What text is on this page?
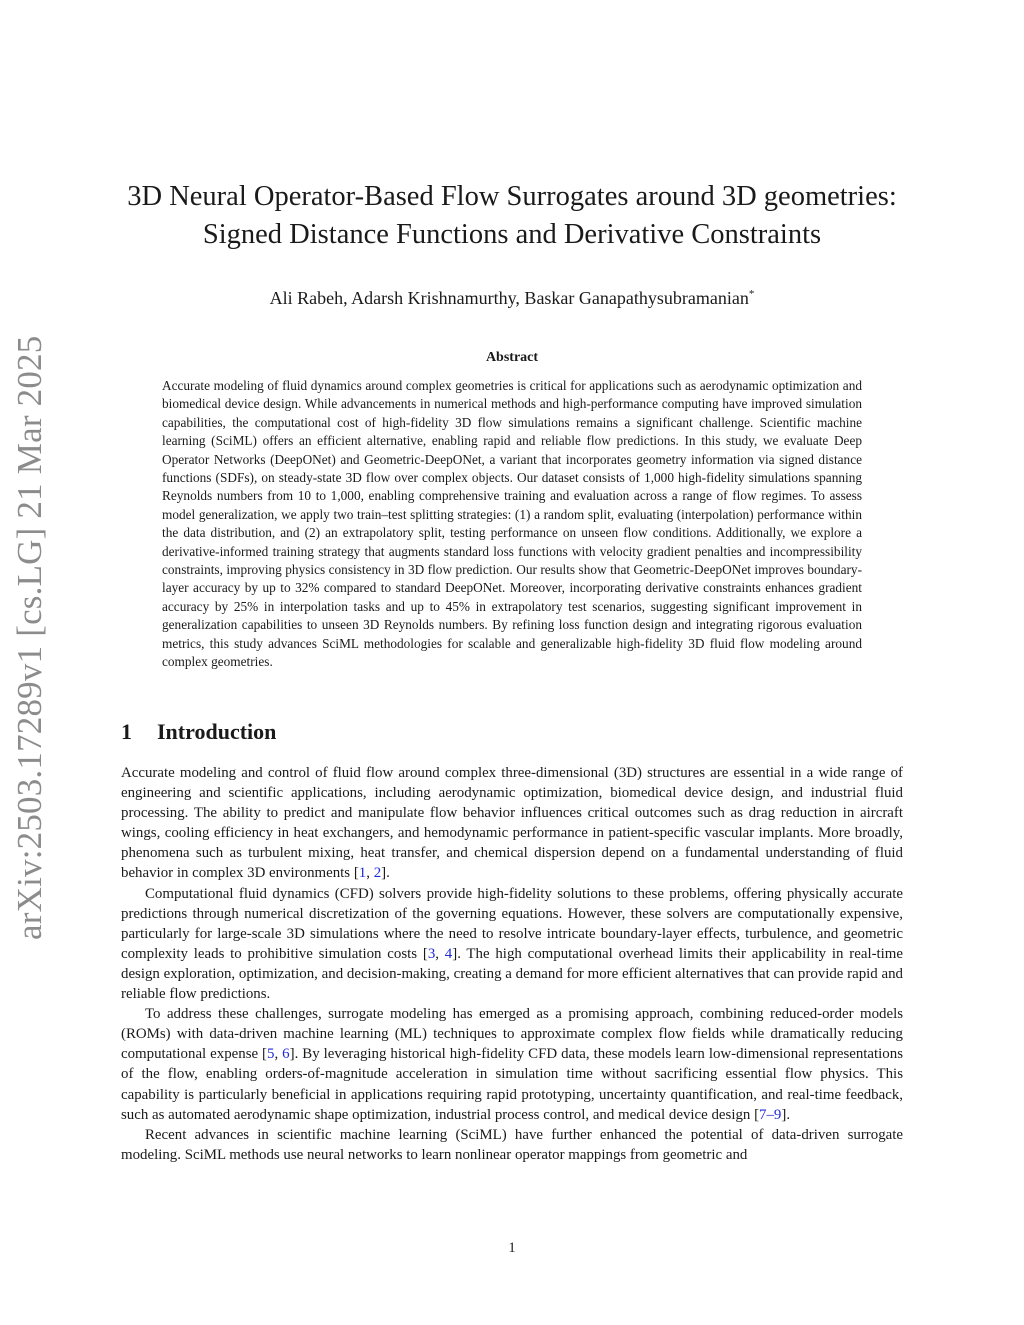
arXiv:2503.17289v1 [cs.LG] 21 Mar 2025
3D Neural Operator-Based Flow Surrogates around 3D geometries:
Signed Distance Functions and Derivative Constraints
Ali Rabeh, Adarsh Krishnamurthy, Baskar Ganapathysubramanian*
Abstract
Accurate modeling of fluid dynamics around complex geometries is critical for applications such as aerodynamic optimization and biomedical device design. While advancements in numerical methods and high-performance computing have improved simulation capabilities, the computational cost of high-fidelity 3D flow simulations remains a significant challenge. Scientific machine learning (SciML) offers an efficient alternative, enabling rapid and reliable flow predictions. In this study, we evaluate Deep Operator Networks (DeepONet) and Geometric-DeepONet, a variant that incorporates geometry information via signed distance functions (SDFs), on steady-state 3D flow over complex objects. Our dataset consists of 1,000 high-fidelity simulations spanning Reynolds numbers from 10 to 1,000, enabling comprehensive training and evaluation across a range of flow regimes. To assess model generalization, we apply two train–test splitting strategies: (1) a random split, evaluating (interpolation) performance within the data distribution, and (2) an extrapolatory split, testing performance on unseen flow conditions. Additionally, we explore a derivative-informed training strategy that augments standard loss functions with velocity gradient penalties and incompressibility constraints, improving physics consistency in 3D flow prediction. Our results show that Geometric-DeepONet improves boundary-layer accuracy by up to 32% compared to standard DeepONet. Moreover, incorporating derivative constraints enhances gradient accuracy by 25% in interpolation tasks and up to 45% in extrapolatory test scenarios, suggesting significant improvement in generalization capabilities to unseen 3D Reynolds numbers. By refining loss function design and integrating rigorous evaluation metrics, this study advances SciML methodologies for scalable and generalizable high-fidelity 3D fluid flow modeling around complex geometries.
1 Introduction

Accurate modeling and control of fluid flow around complex three-dimensional (3D) structures are essential in a wide range of engineering and scientific applications, including aerodynamic optimization, biomedical device design, and industrial fluid processing. The ability to predict and manipulate flow behavior influences critical outcomes such as drag reduction in aircraft wings, cooling efficiency in heat exchangers, and hemodynamic performance in patient-specific vascular implants. More broadly, phenomena such as turbulent mixing, heat transfer, and chemical dispersion depend on a fundamental understanding of fluid behavior in complex 3D environments [1, 2].

Computational fluid dynamics (CFD) solvers provide high-fidelity solutions to these problems, offering physically accurate predictions through numerical discretization of the governing equations. However, these solvers are computationally expensive, particularly for large-scale 3D simulations where the need to resolve intricate boundary-layer effects, turbulence, and geometric complexity leads to prohibitive simulation costs [3, 4]. The high computational overhead limits their applicability in real-time design exploration, optimization, and decision-making, creating a demand for more efficient alternatives that can provide rapid and reliable flow predictions.

To address these challenges, surrogate modeling has emerged as a promising approach, combining reduced-order models (ROMs) with data-driven machine learning (ML) techniques to approximate complex flow fields while dramatically reducing computational expense [5, 6]. By leveraging historical high-fidelity CFD data, these models learn low-dimensional representations of the flow, enabling orders-of-magnitude acceleration in simulation time without sacrificing essential flow physics. This capability is particularly beneficial in applications requiring rapid prototyping, uncertainty quantification, and real-time feedback, such as automated aerodynamic shape optimization, industrial process control, and medical device design [7–9].

Recent advances in scientific machine learning (SciML) have further enhanced the potential of data-driven surrogate modeling. SciML methods use neural networks to learn nonlinear operator mappings from geometric and

1
